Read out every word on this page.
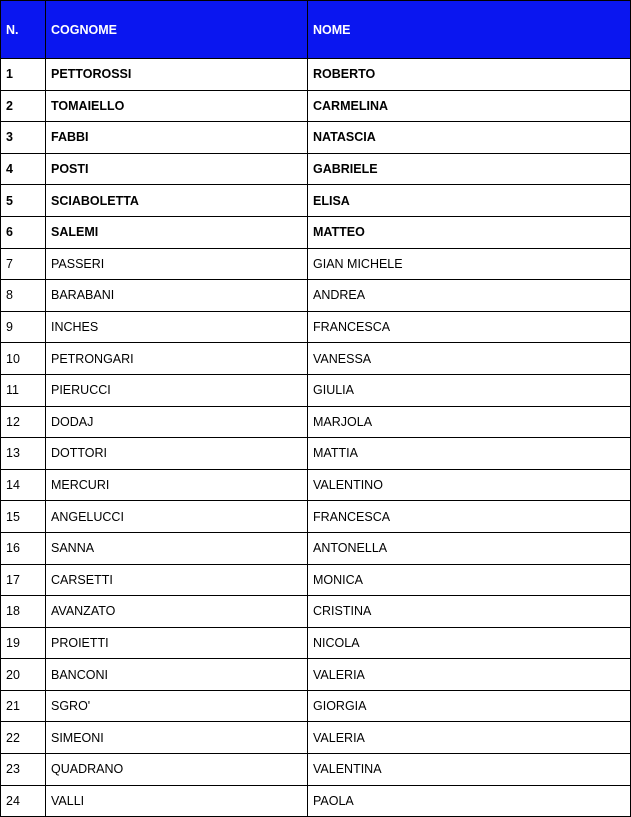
N.	COGNOME	NOME
1	PETTOROSSI	ROBERTO
2	TOMAIELLO	CARMELINA
3	FABBI	NATASCIA
4	POSTI	GABRIELE
5	SCIABOLETTA	ELISA
6	SALEMI	MATTEO
7	PASSERI	GIAN MICHELE
8	BARABANI	ANDREA
9	INCHES	FRANCESCA
10	PETRONGARI	VANESSA
11	PIERUCCI	GIULIA
12	DODAJ	MARJOLA
13	DOTTORI	MATTIA
14	MERCURI	VALENTINO
15	ANGELUCCI	FRANCESCA
16	SANNA	ANTONELLA
17	CARSETTI	MONICA
18	AVANZATO	CRISTINA
19	PROIETTI	NICOLA
20	BANCONI	VALERIA
21	SGRO'	GIORGIA
22	SIMEONI	VALERIA
23	QUADRANO	VALENTINA
24	VALLI	PAOLA
